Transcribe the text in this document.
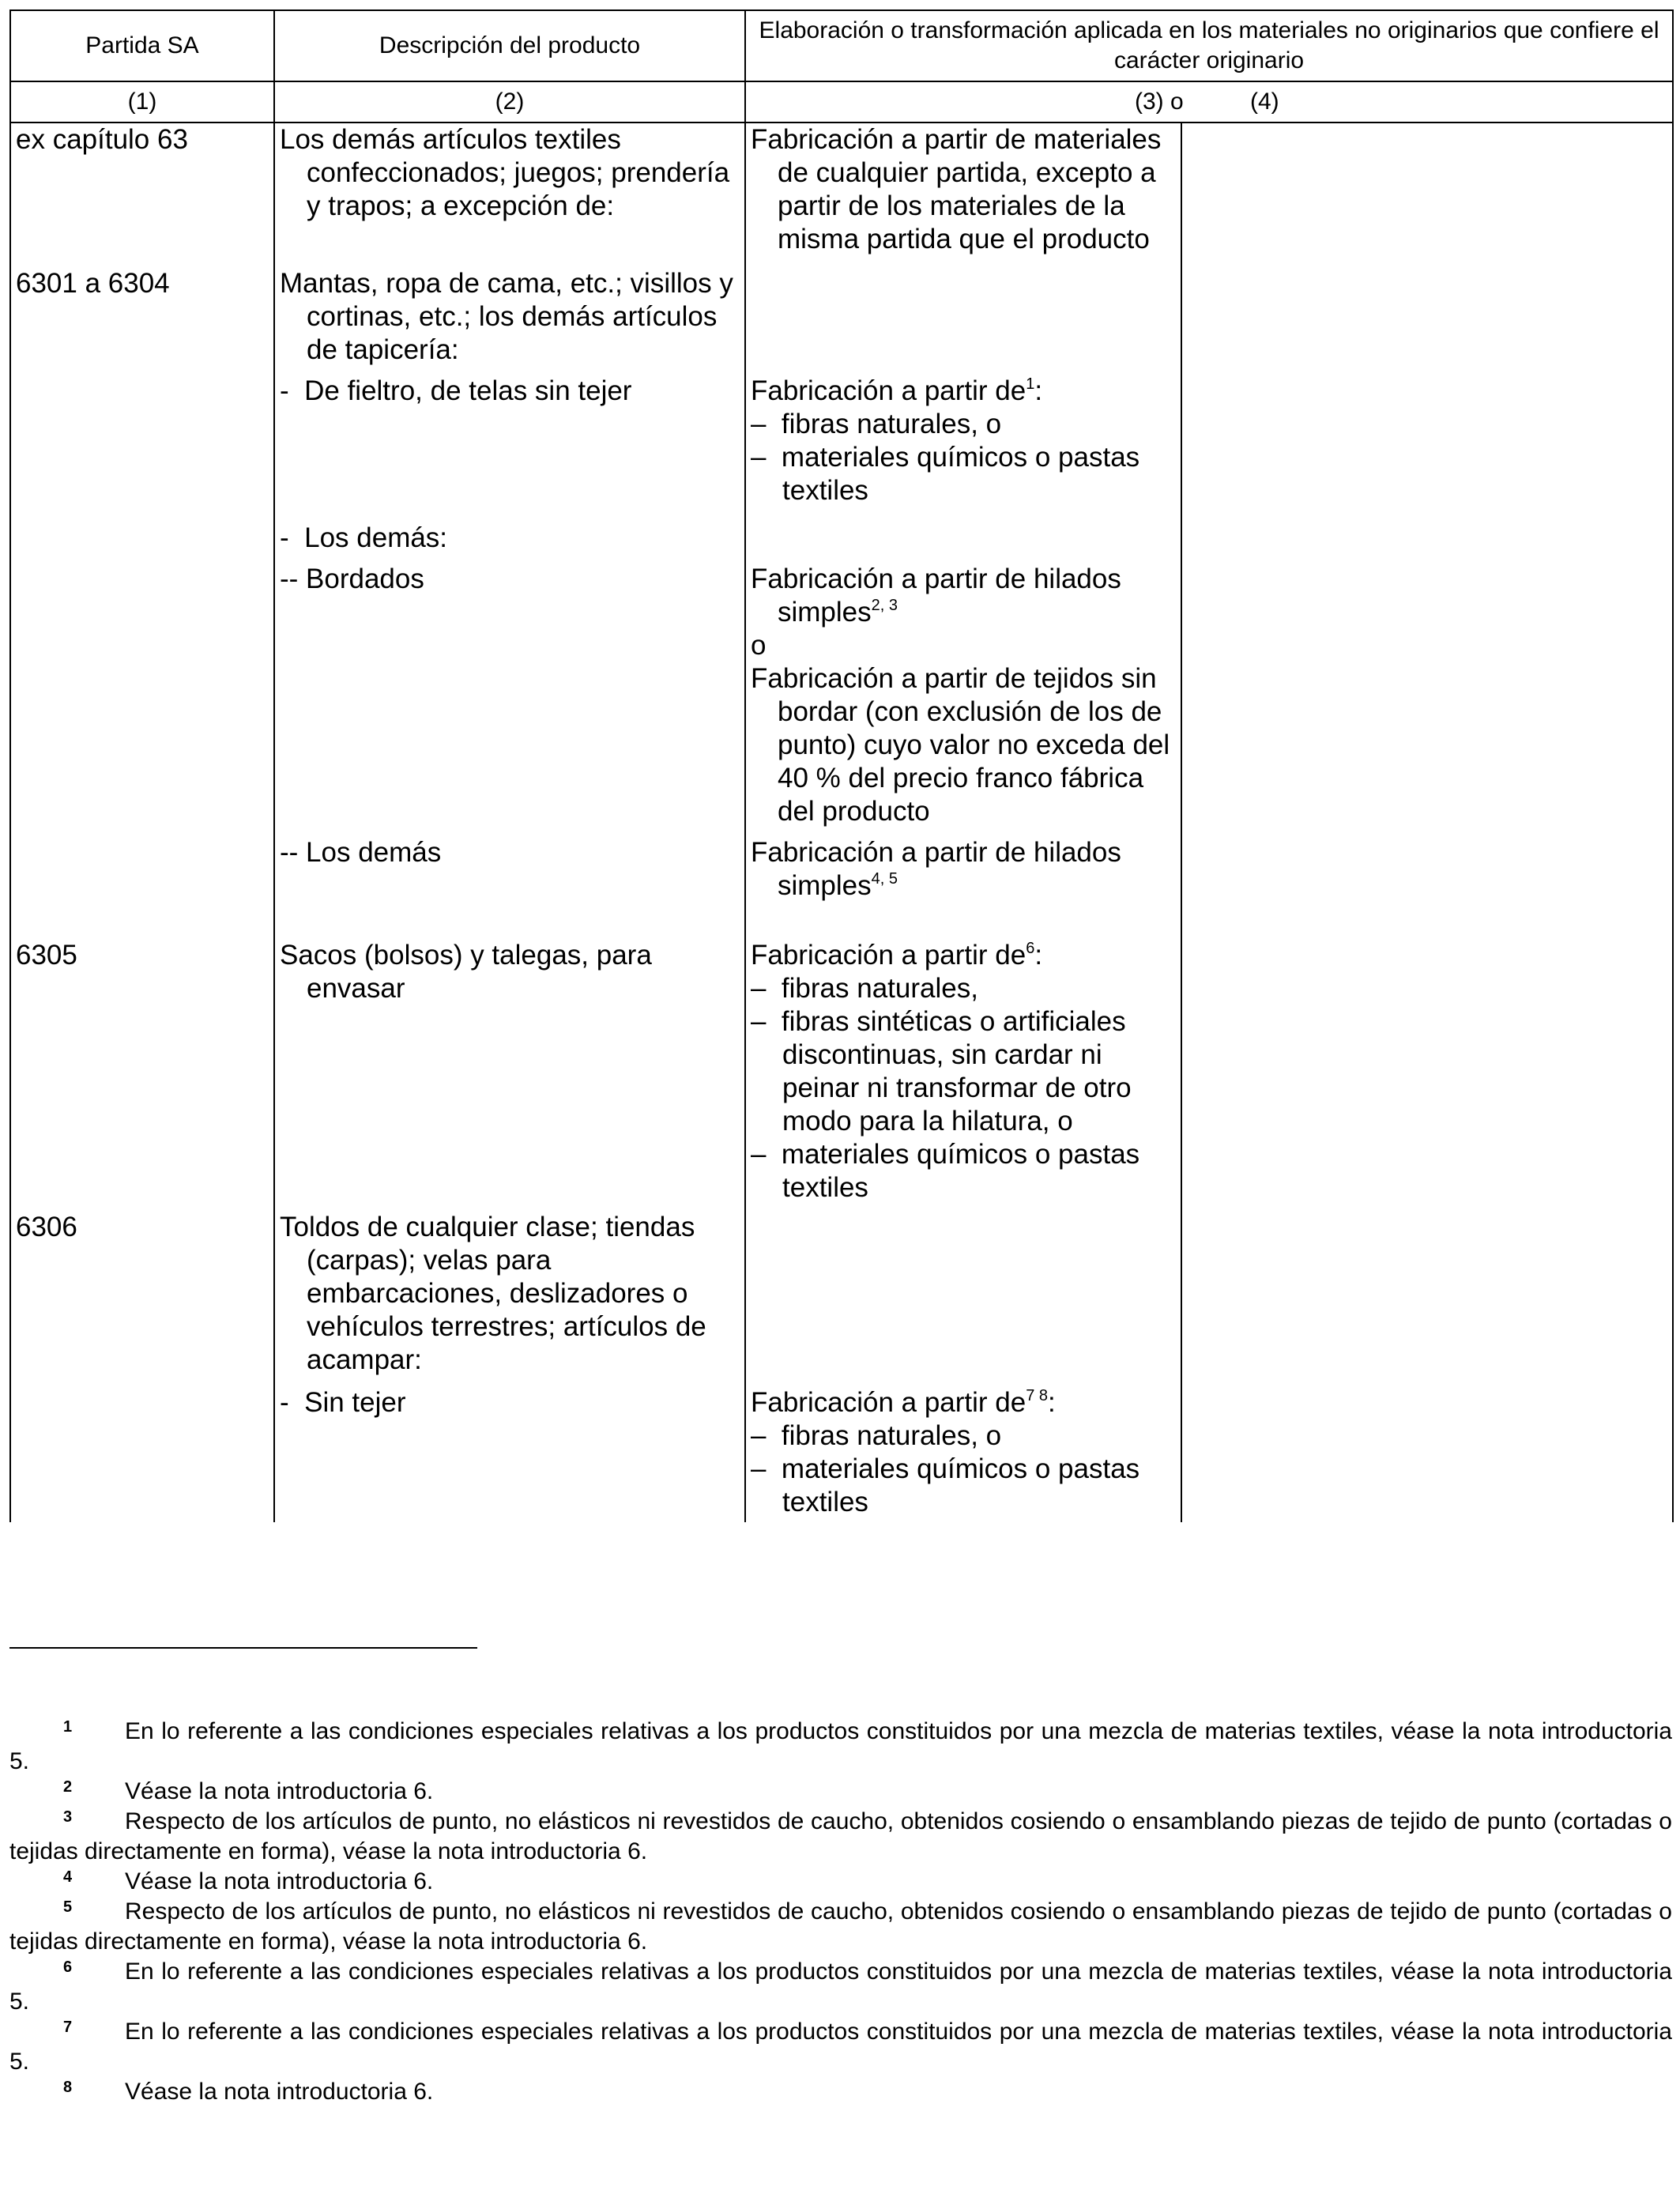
Partida SA	Descripción del producto	Elaboración o transformación aplicada en los materiales no originarios que confiere el carácter originario	
(1)	(2)	(3) o (4)	

ex capítulo 63	Los demás artículos textiles confeccionados; juegos; prendería y trapos; a excepción de:	Fabricación a partir de materiales de cualquier partida, excepto a partir de los materiales de la misma partida que el producto	

6301 a 6304	Mantas, ropa de cama, etc.; visillos y cortinas, etc.; los demás artículos de tapicería:		

	-  De fieltro, de telas sin tejer	Fabricación a partir $de^1$:
–  fibras naturales, o
–  materiales químicos o pastas textiles	

	-  Los demás:		

	-- Bordados	Fabricación a partir de hilados simples$^{2, 3}$
o
Fabricación a partir de tejidos sin bordar (con exclusión de los de punto) cuyo valor no exceda del 40 % del precio franco fábrica del producto	

	-- Los demás	Fabricación a partir de hilados simples$^{4, 5}$

6305	Sacos (bolsos) y talegas, para envasar	Fabricación a partir $de^6$:
–  fibras naturales,
–  fibras sintéticas o artificiales discontinuas, sin cardar ni peinar ni transformar de otro modo para la hilatura, o
–  materiales químicos o pastas textiles	

6306	Toldos de cualquier clase; tiendas (carpas); velas para embarcaciones, deslizadores o vehículos terrestres; artículos de acampar:		

	-  Sin tejer	Fabricación a partir $de^{7 8}$:
–  fibras naturales, o
–  materiales químicos o pastas textiles	

1 En lo referente a las condiciones especiales relativas a los productos constituidos por una mezcla de materias textiles, véase la nota introductoria 5.
2 Véase la nota introductoria 6.
3 Respecto de los artículos de punto, no elásticos ni revestidos de caucho, obtenidos cosiendo o ensamblando piezas de tejido de punto (cortadas o tejidas directamente en forma), véase la nota introductoria 6.
4 Véase la nota introductoria 6.
5 Respecto de los artículos de punto, no elásticos ni revestidos de caucho, obtenidos cosiendo o ensamblando piezas de tejido de punto (cortadas o tejidas directamente en forma), véase la nota introductoria 6.
6 En lo referente a las condiciones especiales relativas a los productos constituidos por una mezcla de materias textiles, véase la nota introductoria 5.
7 En lo referente a las condiciones especiales relativas a los productos constituidos por una mezcla de materias textiles, véase la nota introductoria 5.
8 Véase la nota introductoria 6.
